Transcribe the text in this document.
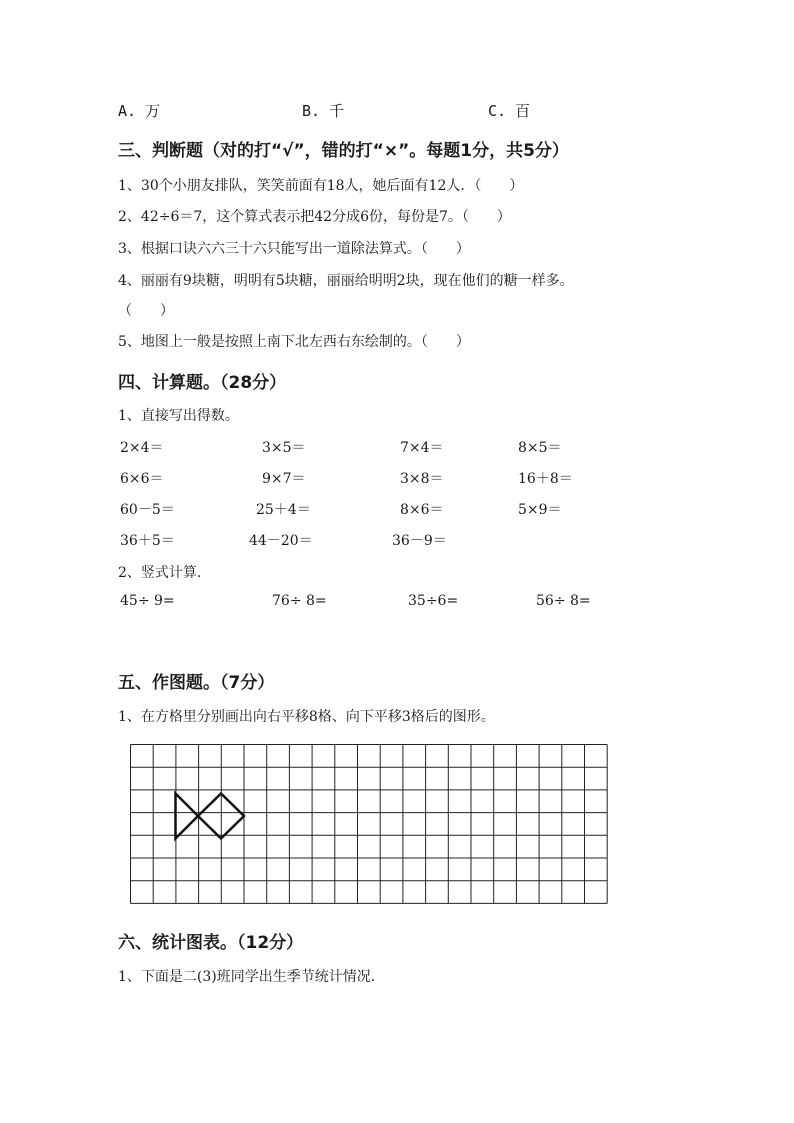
A. 万	B. 千	C. 百
三、判断题（对的打“√”，错的打“×”。每题1分，共5分）
1、30个小朋友排队，笑笑前面有18人，她后面有12人．（　　）
2、42÷6＝7，这个算式表示把42分成6份，每份是7。（　　）
3、根据口诀六六三十六只能写出一道除法算式。（　　）
4、丽丽有9块糖，明明有5块糖，丽丽给明明2块，现在他们的糖一样多。
（　　）
5、地图上一般是按照上南下北左西右东绘制的。（　　）
四、计算题。（28分）
1、直接写出得数。
2×4＝	3×5＝	7×4＝	8×5＝
6×6＝	9×7＝	3×8＝	16＋8＝
60－5＝	25＋4＝	8×6＝	5×9＝
36＋5＝	44－20＝	36－9＝
2、竖式计算.
45÷ 9=	76÷ 8=	35÷6=	56÷ 8=
五、作图题。（7分）
1、在方格里分别画出向右平移8格、向下平移3格后的图形。
六、统计图表。（12分）
1、下面是二(3)班同学出生季节统计情况.
